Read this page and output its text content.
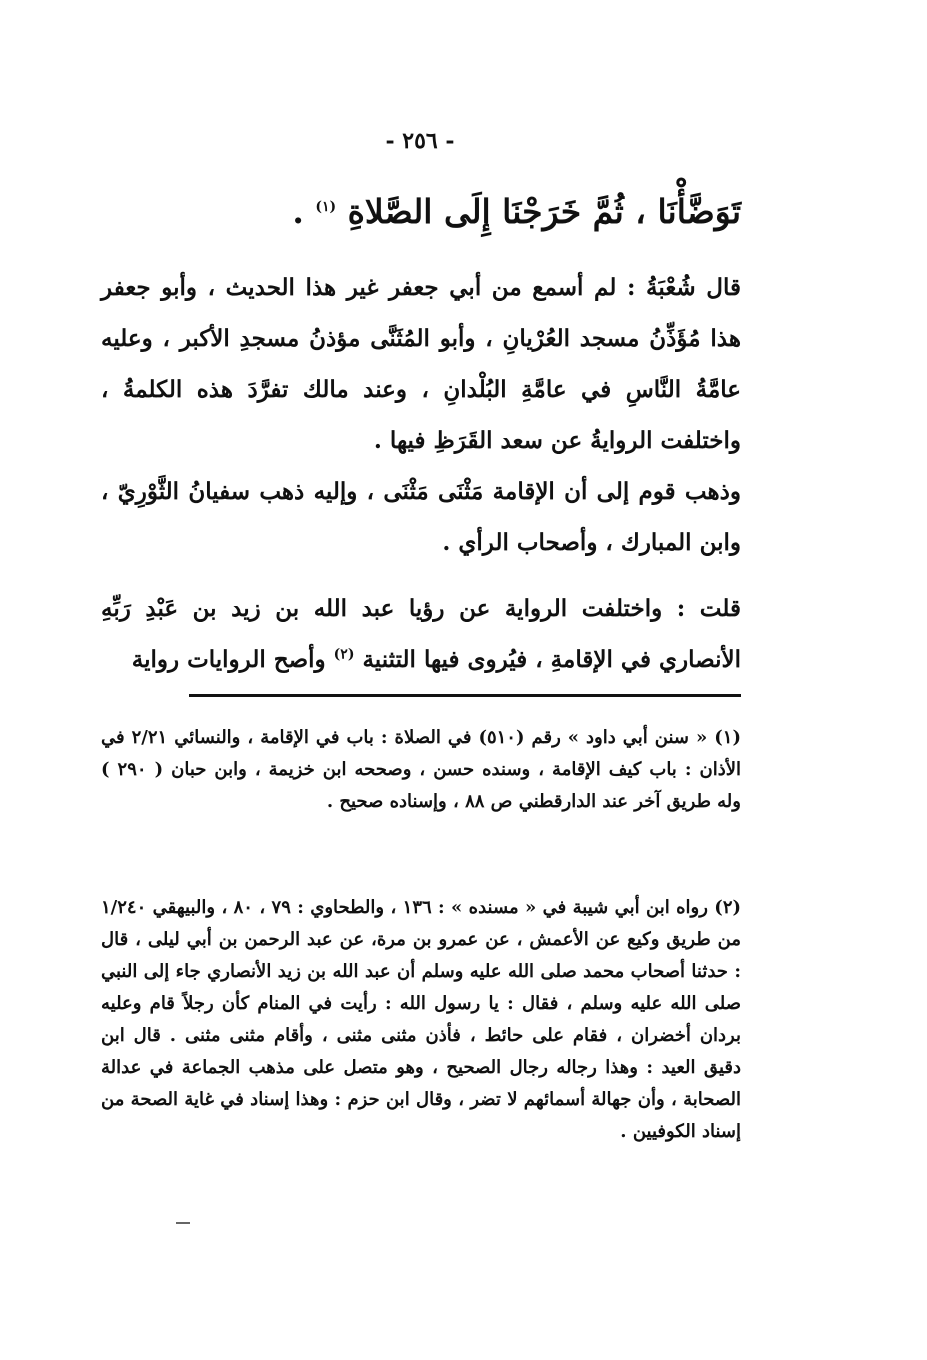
- ٢٥٦ -
تَوَضَّأْنَا ، ثُمَّ خَرَجْنَا إِلَى الصَّلاةِ $^{(١)}$ .
قال شُعْبَةُ : لم أسمع من أبي جعفر غير هذا الحديث ، وأبو جعفر هذا مُؤَذِّنُ مسجد العُرْيانِ ، وأبو المُثَنَّى مؤذنُ مسجدِ الأكبر ، وعليه عامَّةُ النَّاسِ في عامَّةِ البُلْدانِ ، وعند مالك تفرَّدَ هذه الكلمةُ ، واختلفت الروايةُ عن سعد القَرَظِ فيها .
وذهب قوم إلى أن الإقامة مَثْنَى مَثْنَى ، وإليه ذهب سفيانُ الثَّوْرِيّ ، وابن المبارك ، وأصحاب الرأي .
قلت : واختلفت الرواية عن رؤيا عبد الله بن زيد بن عَبْدِ رَبِّهِ الأنصاري في الإقامةِ ، فيُروى فيها التثنية $^{(٢)}$ وأصح الروايات رواية
(١) « سنن أبي داود » رقم (٥١٠) في الصلاة : باب في الإقامة ، والنسائي ٢/٢١ في الأذان : باب كيف الإقامة ، وسنده حسن ، وصححه ابن خزيمة ، وابن حبان ( ٢٩٠ ) وله طريق آخر عند الدارقطني ص ٨٨ ، وإسناده صحيح .
(٢) رواه ابن أبي شيبة في « مسنده » : ١٣٦ ، والطحاوي : ٧٩ ، ٨٠ ، والبيهقي ١/٢٤٠ من طريق وكيع عن الأعمش ، عن عمرو بن مرة، عن عبد الرحمن بن أبي ليلى ، قال : حدثنا أصحاب محمد صلى الله عليه وسلم أن عبد الله بن زيد الأنصاري جاء إلى النبي صلى الله عليه وسلم ، فقال : يا رسول الله : رأيت في المنام كأن رجلاً قام وعليه بردان أخضران ، فقام على حائط ، فأذن مثنى مثنى ، وأقام مثنى مثنى . قال ابن دقيق العيد : وهذا رجاله رجال الصحيح ، وهو متصل على مذهب الجماعة في عدالة الصحابة ، وأن جهالة أسمائهم لا تضر ، وقال ابن حزم : وهذا إسناد في غاية الصحة من إسناد الكوفيين .
